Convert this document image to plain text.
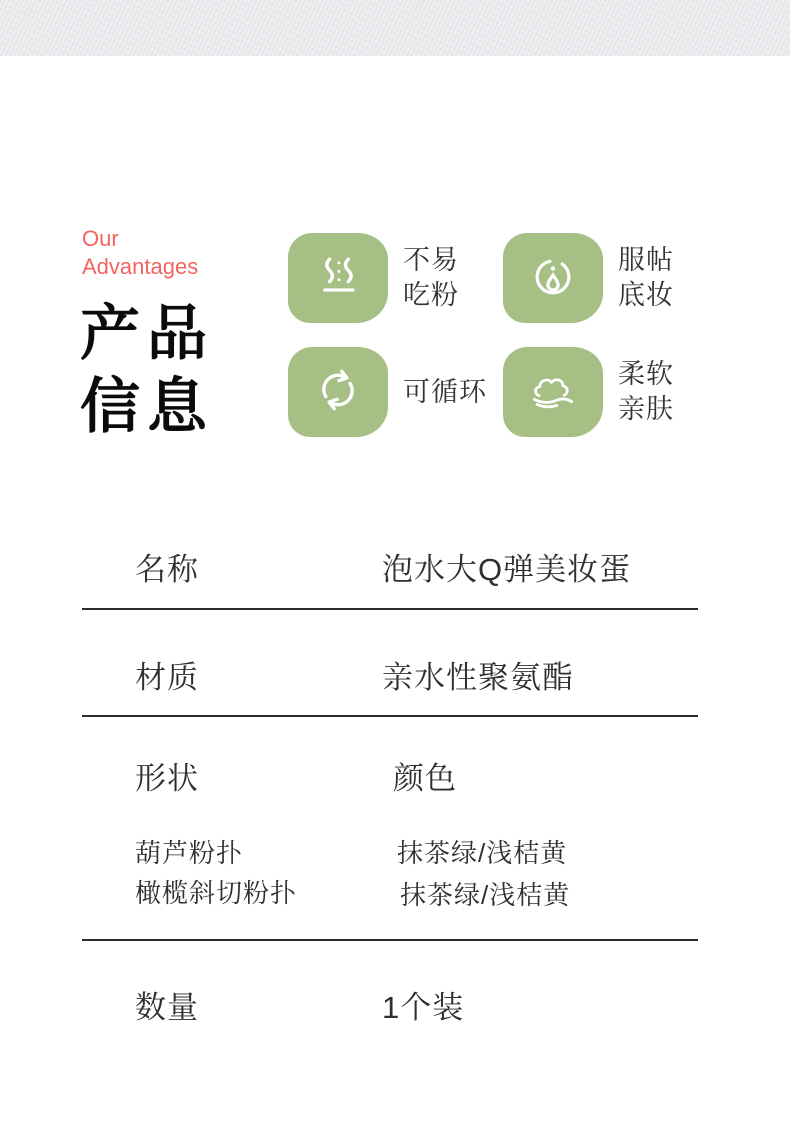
Our
Advantages
产品
信息
不易
吃粉
服帖
底妆
可循环
柔软
亲肤
名称	泡水大Q弹美妆蛋
材质	亲水性聚氨酯
形状	颜色
葫芦粉扑	抹茶绿/浅桔黄
橄榄斜切粉扑	抹茶绿/浅桔黄
数量	1个装
